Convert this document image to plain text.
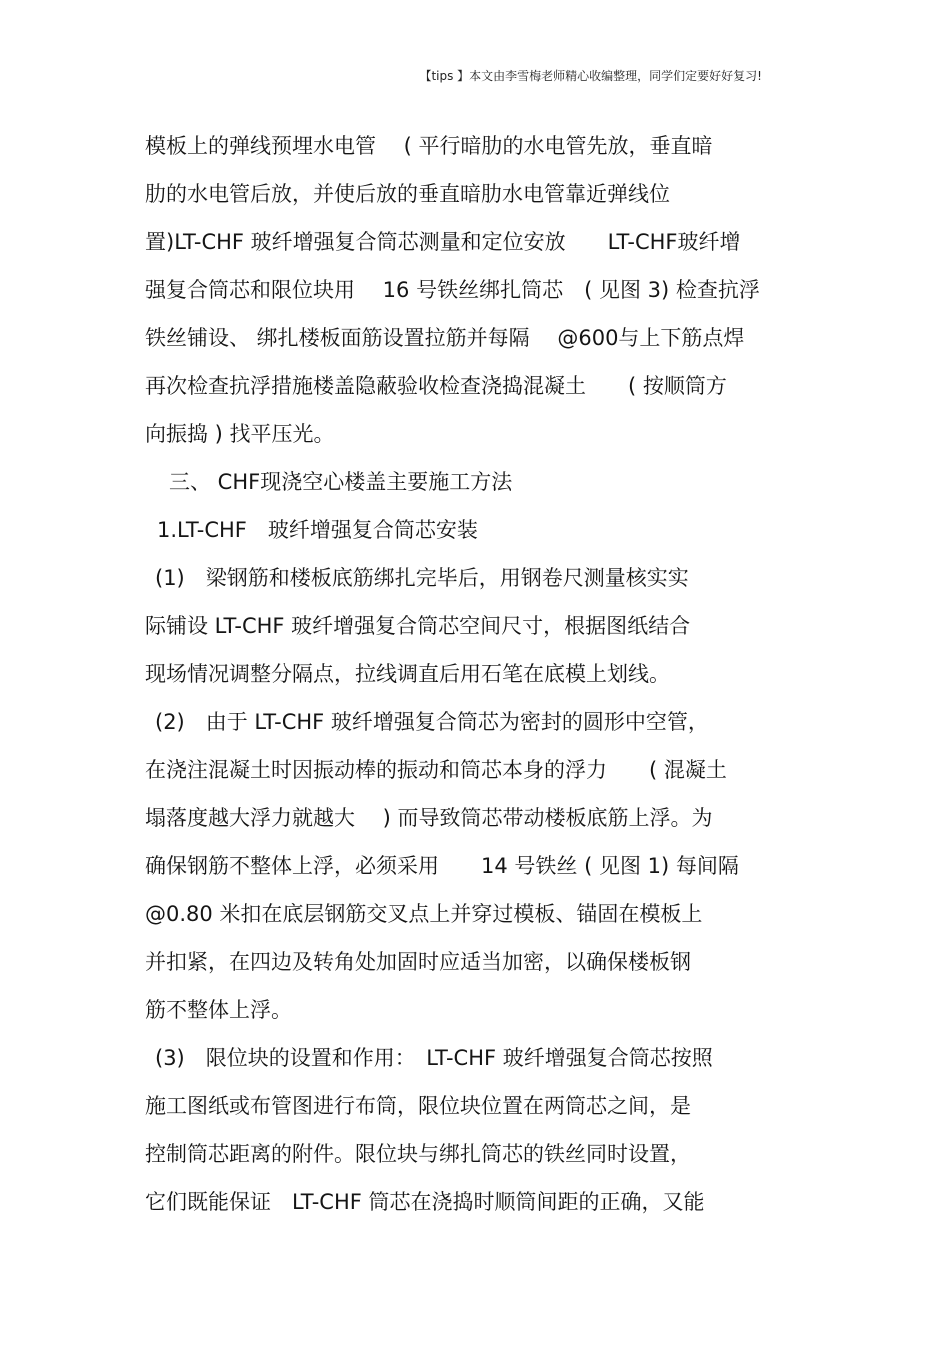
【tips 】本文由李雪梅老师精心收编整理，同学们定要好好复习!
模板上的弹线预埋水电管　 ( 平行暗肋的水电管先放，垂直暗
肋的水电管后放，并使后放的垂直暗肋水电管靠近弹线位
置)LT-CHF 玻纤增强复合筒芯测量和定位安放　　LT-CHF玻纤增
强复合筒芯和限位块用　 16 号铁丝绑扎筒芯　( 见图 3) 检查抗浮
铁丝铺设、 绑扎楼板面筋设置拉筋并每隔　 @600与上下筋点焊
再次检查抗浮措施楼盖隐蔽验收检查浇捣混凝土　　( 按顺筒方
向振捣 ) 找平压光。
三、 CHF现浇空心楼盖主要施工方法
1.LT-CHF　玻纤增强复合筒芯安装
(1)　梁钢筋和楼板底筋绑扎完毕后，用钢卷尺测量核实实
际铺设 LT-CHF 玻纤增强复合筒芯空间尺寸，根据图纸结合
现场情况调整分隔点，拉线调直后用石笔在底模上划线。
(2)　由于 LT-CHF 玻纤增强复合筒芯为密封的圆形中空管，
在浇注混凝土时因振动棒的振动和筒芯本身的浮力　　( 混凝土
塌落度越大浮力就越大　 ) 而导致筒芯带动楼板底筋上浮。为
确保钢筋不整体上浮，必须采用　　14 号铁丝 ( 见图 1) 每间隔
@0.80 米扣在底层钢筋交叉点上并穿过模板、锚固在模板上
并扣紧，在四边及转角处加固时应适当加密，以确保楼板钢
筋不整体上浮。
(3)　限位块的设置和作用：　LT-CHF 玻纤增强复合筒芯按照
施工图纸或布管图进行布筒，限位块位置在两筒芯之间，是
控制筒芯距离的附件。限位块与绑扎筒芯的铁丝同时设置，
它们既能保证　LT-CHF 筒芯在浇捣时顺筒间距的正确，又能
